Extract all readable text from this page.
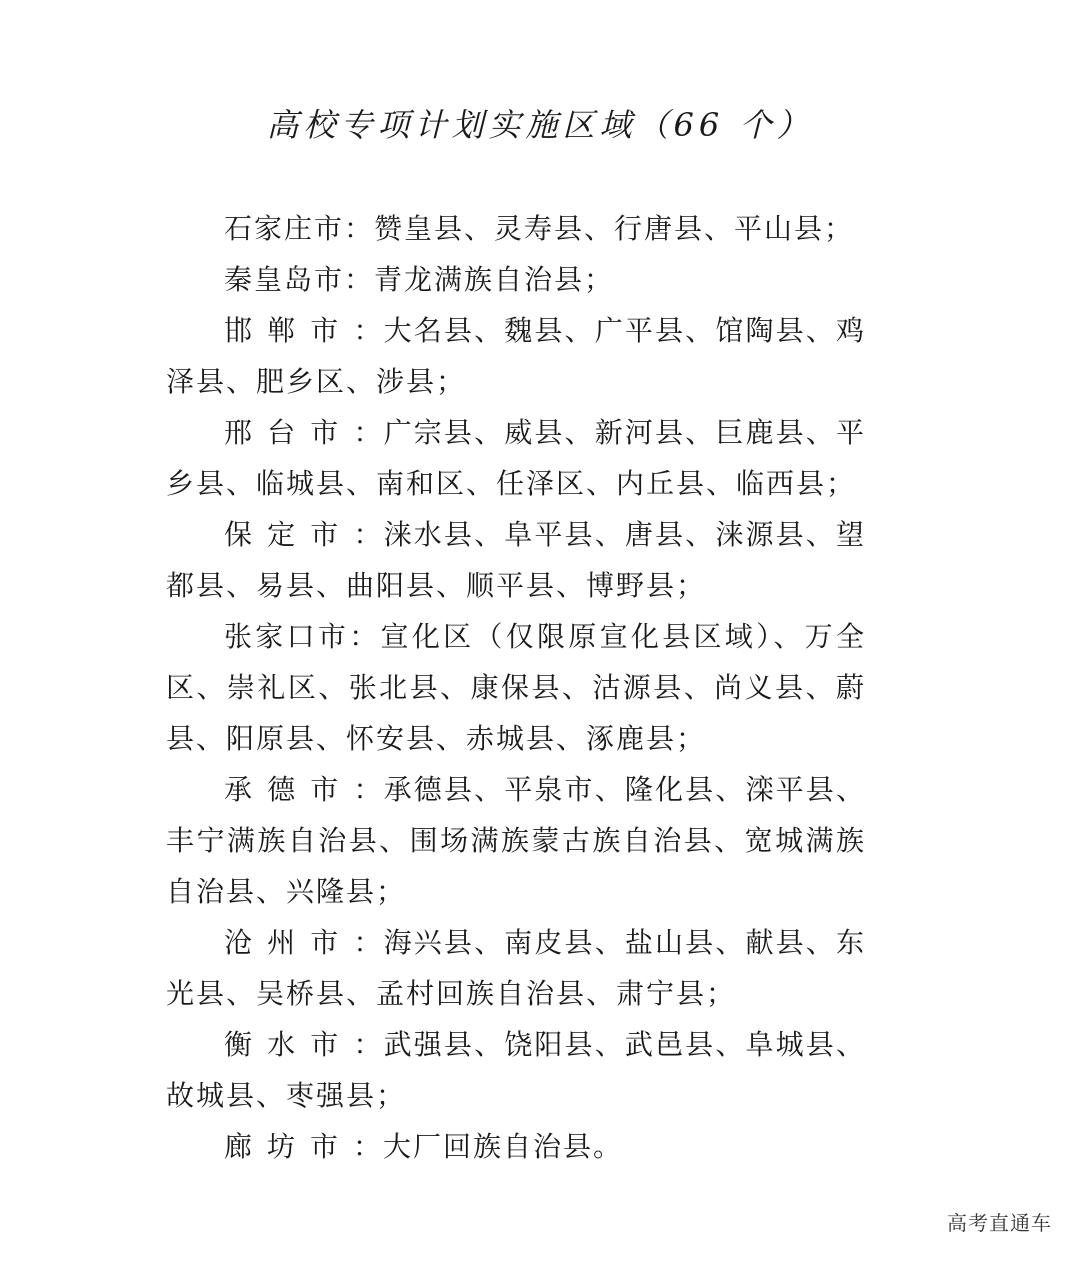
高校专项计划实施区域（66 个）

石家庄市：赞皇县、灵寿县、行唐县、平山县；

秦皇岛市：青龙满族自治县；

邯郸市：大名县、魏县、广平县、馆陶县、鸡泽县、肥乡区、涉县；

邢台市：广宗县、威县、新河县、巨鹿县、平乡县、临城县、南和区、任泽区、内丘县、临西县；

保定市：涞水县、阜平县、唐县、涞源县、望都县、易县、曲阳县、顺平县、博野县；

张家口市：宣化区（仅限原宣化县区域）、万全区、崇礼区、张北县、康保县、沽源县、尚义县、蔚县、阳原县、怀安县、赤城县、涿鹿县；

承德市：承德县、平泉市、隆化县、滦平县、丰宁满族自治县、围场满族蒙古族自治县、宽城满族自治县、兴隆县；

沧州市：海兴县、南皮县、盐山县、献县、东光县、吴桥县、孟村回族自治县、肃宁县；

衡水市：武强县、饶阳县、武邑县、阜城县、故城县、枣强县；

廊坊市：大厂回族自治县。

高考直通车
